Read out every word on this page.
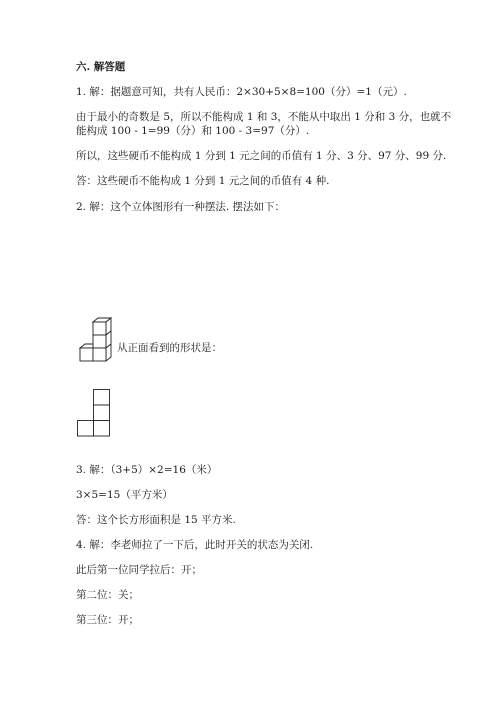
六. 解答题
1. 解：据题意可知，共有人民币：2×30+5×8=100（分）=1（元）.
由于最小的奇数是 5，所以不能构成 1 和 3，不能从中取出 1 分和 3 分，也就不
能构成 100 - 1=99（分）和 100 - 3=97（分）.
所以，这些硬币不能构成 1 分到 1 元之间的币值有 1 分、3 分、97 分、99 分.
答：这些硬币不能构成 1 分到 1 元之间的币值有 4 种.
2. 解：这个立体图形有一种摆法. 摆法如下：
从正面看到的形状是：
3. 解：（3+5）×2=16（米）
3×5=15（平方米）
答：这个长方形面积是 15 平方米.
4. 解：李老师拉了一下后，此时开关的状态为关闭.
此后第一位同学拉后：开；
第二位：关；
第三位：开；
